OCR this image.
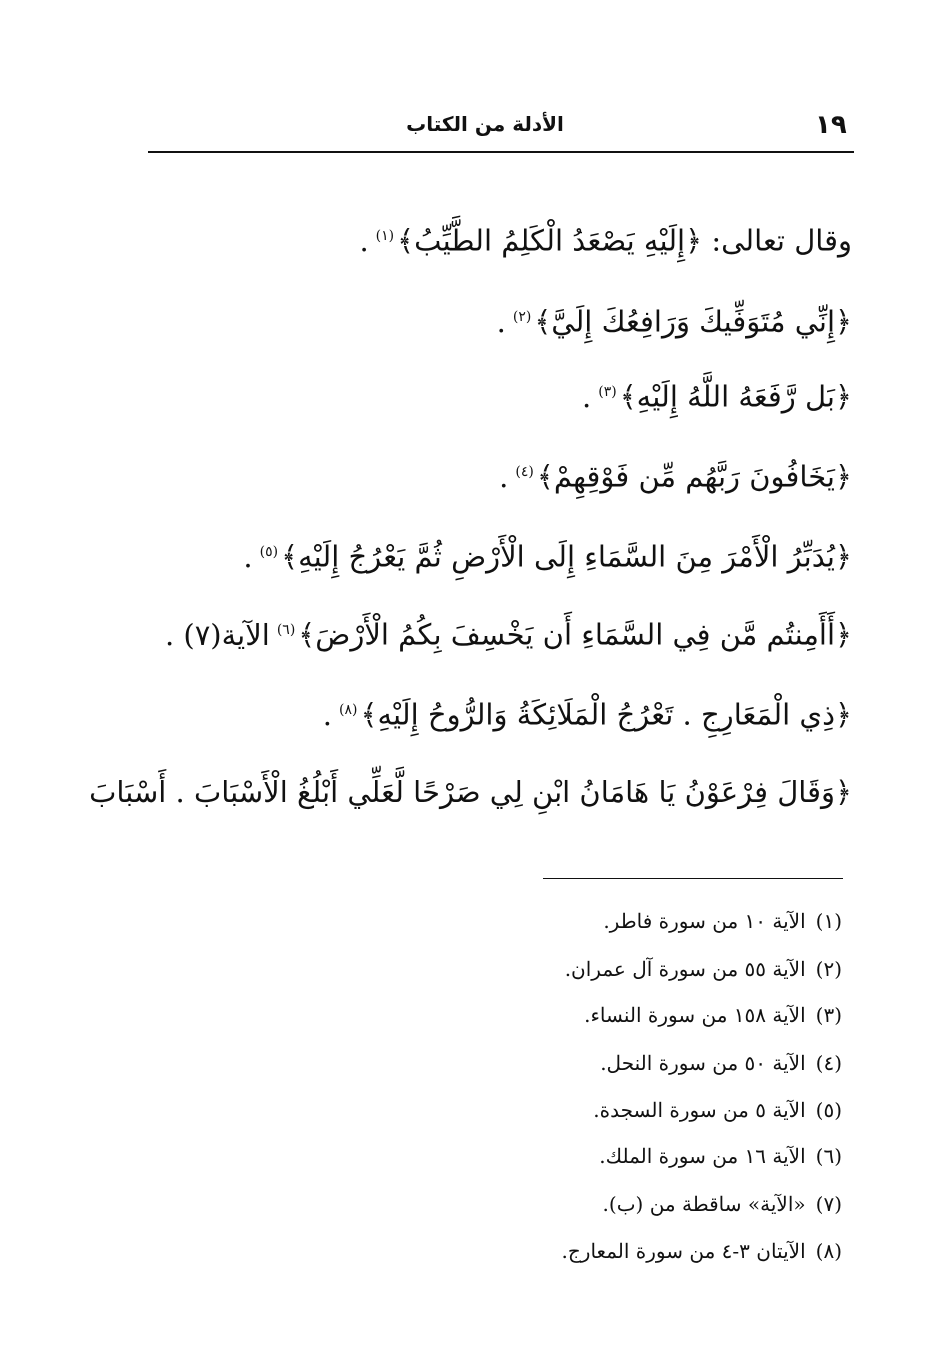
١٩
الأدلة من الكتاب
وقال تعالى: ﴿إِلَيْهِ يَصْعَدُ الْكَلِمُ الطَّيِّبُ﴾$^{(١)}$.
﴿إِنِّي مُتَوَفِّيكَ وَرَافِعُكَ إِلَيَّ﴾$^{(٢)}$.
﴿بَل رَّفَعَهُ اللَّهُ إِلَيْهِ﴾$^{(٣)}$.
﴿يَخَافُونَ رَبَّهُم مِّن فَوْقِهِمْ﴾$^{(٤)}$.
﴿يُدَبِّرُ الْأَمْرَ مِنَ السَّمَاءِ إِلَى الْأَرْضِ ثُمَّ يَعْرُجُ إِلَيْهِ﴾$^{(٥)}$.
﴿أَأَمِنتُم مَّن فِي السَّمَاءِ أَن يَخْسِفَ بِكُمُ الْأَرْضَ﴾$^{(٦)}$الآية(٧) .
﴿ذِي الْمَعَارِجِ . تَعْرُجُ الْمَلَائِكَةُ وَالرُّوحُ إِلَيْهِ﴾$^{(٨)}$.
﴿وَقَالَ فِرْعَوْنُ يَا هَامَانُ ابْنِ لِي صَرْحًا لَّعَلِّي أَبْلُغُ الْأَسْبَابَ . أَسْبَابَ
(١)الآية ١٠ من سورة فاطر.
(٢)الآية ٥٥ من سورة آل عمران.
(٣)الآية ١٥٨ من سورة النساء.
(٤)الآية ٥٠ من سورة النحل.
(٥)الآية ٥ من سورة السجدة.
(٦)الآية ١٦ من سورة الملك.
(٧)«الآية» ساقطة من (ب).
(٨)الآيتان ٣-٤ من سورة المعارج.
